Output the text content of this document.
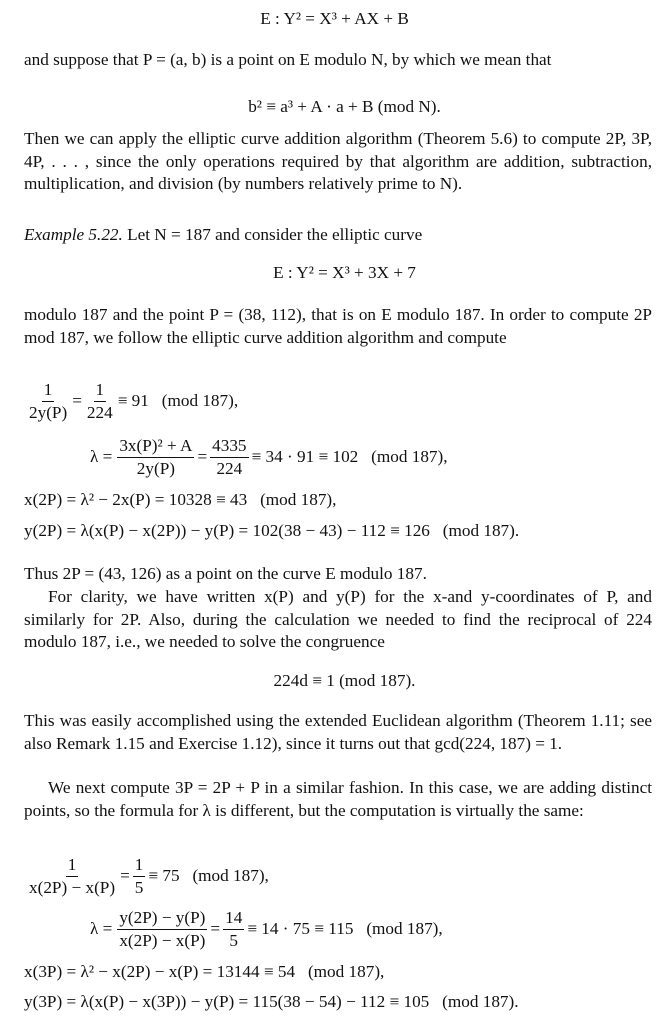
E : Y² = X³ + AX + B
and suppose that P = (a, b) is a point on E modulo N, by which we mean that
b² ≡ a³ + A · a + B (mod N).
Then we can apply the elliptic curve addition algorithm (Theorem 5.6) to compute 2P, 3P, 4P, . . . , since the only operations required by that algorithm are addition, subtraction, multiplication, and division (by numbers relatively prime to N).
Example 5.22. Let N = 187 and consider the elliptic curve
E : Y² = X³ + 3X + 7
modulo 187 and the point P = (38, 112), that is on E modulo 187. In order to compute 2P mod 187, we follow the elliptic curve addition algorithm and compute
$\frac{1}{2y(P)} = \frac{1}{224} \equiv 91$   (mod 187),
$\lambda = \frac{\text{3x(P)² + A}}{2y(P)} = \frac{4335}{224} \equiv 34 \cdot 91 \equiv 102$   (mod 187),
x(2P) = λ² − 2x(P) = 10328 ≡ 43   (mod 187),
y(2P) = λ(x(P) − x(2P)) − y(P) = 102(38 − 43) − 112 ≡ 126   (mod 187).
Thus 2P = (43, 126) as a point on the curve E modulo 187.
For clarity, we have written x(P) and y(P) for the x-and y-coordinates of P, and similarly for 2P. Also, during the calculation we needed to find the reciprocal of 224 modulo 187, i.e., we needed to solve the congruence
224d ≡ 1 (mod 187).
This was easily accomplished using the extended Euclidean algorithm (Theorem 1.11; see also Remark 1.15 and Exercise 1.12), since it turns out that gcd(224, 187) = 1.
We next compute 3P = 2P + P in a similar fashion. In this case, we are adding distinct points, so the formula for λ is different, but the computation is virtually the same:
$\frac{1}{x(2P) - x(P)} = \frac{1}{5} \equiv 75$   (mod 187),
$\lambda = \frac{y(2P) - y(P)}{x(2P) - x(P)} = \frac{14}{5} \equiv 14 \cdot 75 \equiv 115$   (mod 187),
x(3P) = λ² − x(2P) − x(P) = 13144 ≡ 54   (mod 187),
y(3P) = λ(x(P) − x(3P)) − y(P) = 115(38 − 54) − 112 ≡ 105   (mod 187).
